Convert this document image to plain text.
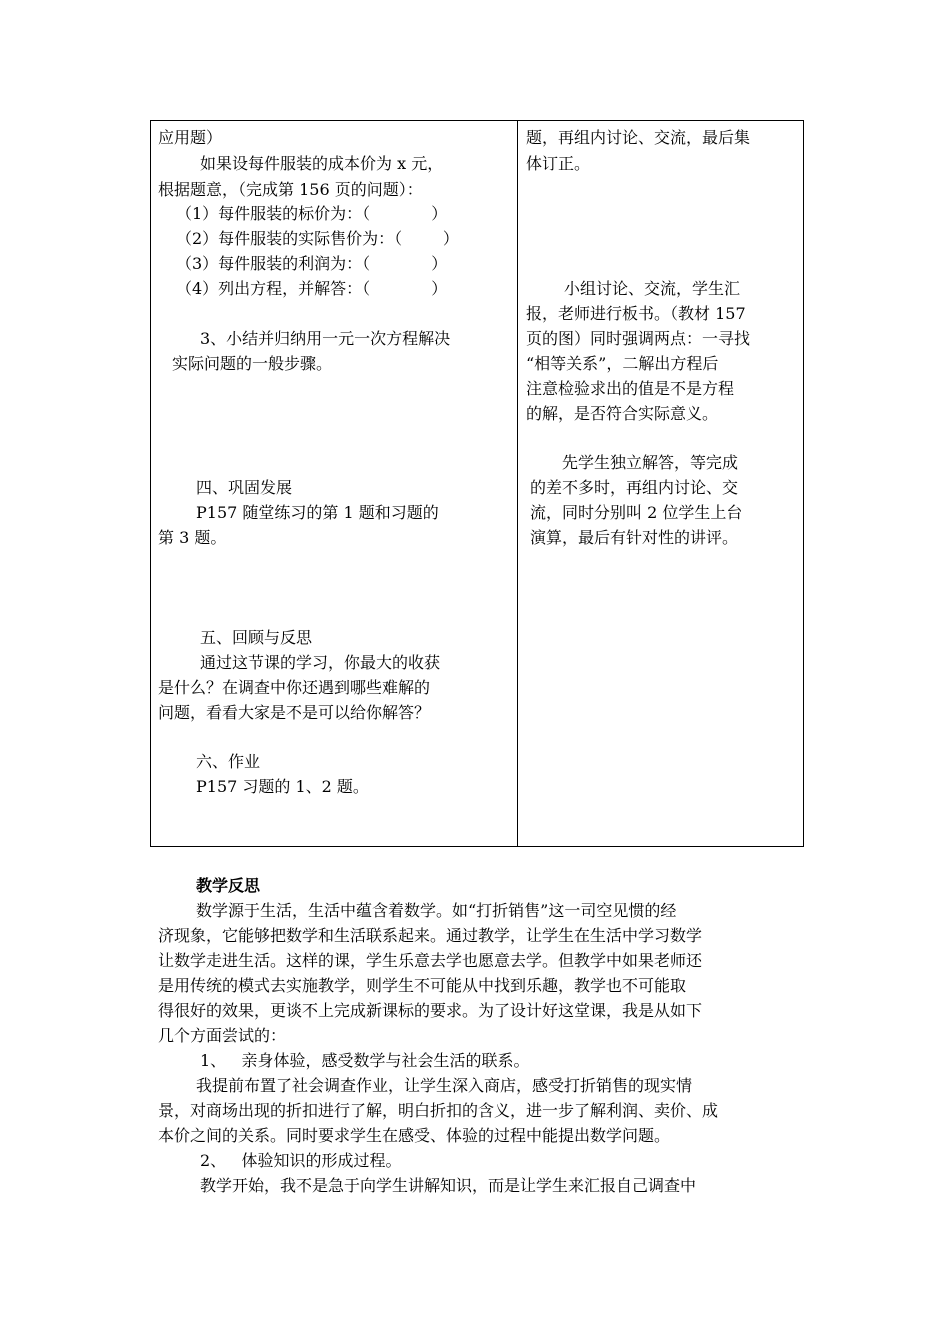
应用题）
如果设每件服装的成本价为 x 元，
根据题意，（完成第 156 页的问题）：
（1）每件服装的标价为：（            ）
（2）每件服装的实际售价为：（        ）
（3）每件服装的利润为：（            ）
（4）列出方程，并解答：（            ）
3、小结并归纳用一元一次方程解决
实际问题的一般步骤。
四、巩固发展
P157 随堂练习的第 1 题和习题的
第 3 题。
五、回顾与反思
通过这节课的学习，你最大的收获
是什么？在调查中你还遇到哪些难解的
问题，看看大家是不是可以给你解答？
六、作业
P157 习题的 1、2 题。
题，再组内讨论、交流，最后集
体订正。
小组讨论、交流，学生汇
报，老师进行板书。（教材 157
页的图）同时强调两点：一寻找
“相等关系”，二解出方程后
注意检验求出的值是不是方程
的解，是否符合实际意义。
先学生独立解答，等完成
的差不多时，再组内讨论、交
流，同时分别叫 2 位学生上台
演算，最后有针对性的讲评。
教学反思
数学源于生活，生活中蕴含着数学。如“打折销售”这一司空见惯的经
济现象，它能够把数学和生活联系起来。通过教学，让学生在生活中学习数学
让数学走进生活。这样的课，学生乐意去学也愿意去学。但教学中如果老师还
是用传统的模式去实施教学，则学生不可能从中找到乐趣，教学也不可能取
得很好的效果，更谈不上完成新课标的要求。为了设计好这堂课，我是从如下
几个方面尝试的：
1、   亲身体验，感受数学与社会生活的联系。
我提前布置了社会调查作业，让学生深入商店，感受打折销售的现实情
景，对商场出现的折扣进行了解，明白折扣的含义，进一步了解利润、卖价、成
本价之间的关系。同时要求学生在感受、体验的过程中能提出数学问题。
2、   体验知识的形成过程。
教学开始，我不是急于向学生讲解知识，而是让学生来汇报自己调查中
